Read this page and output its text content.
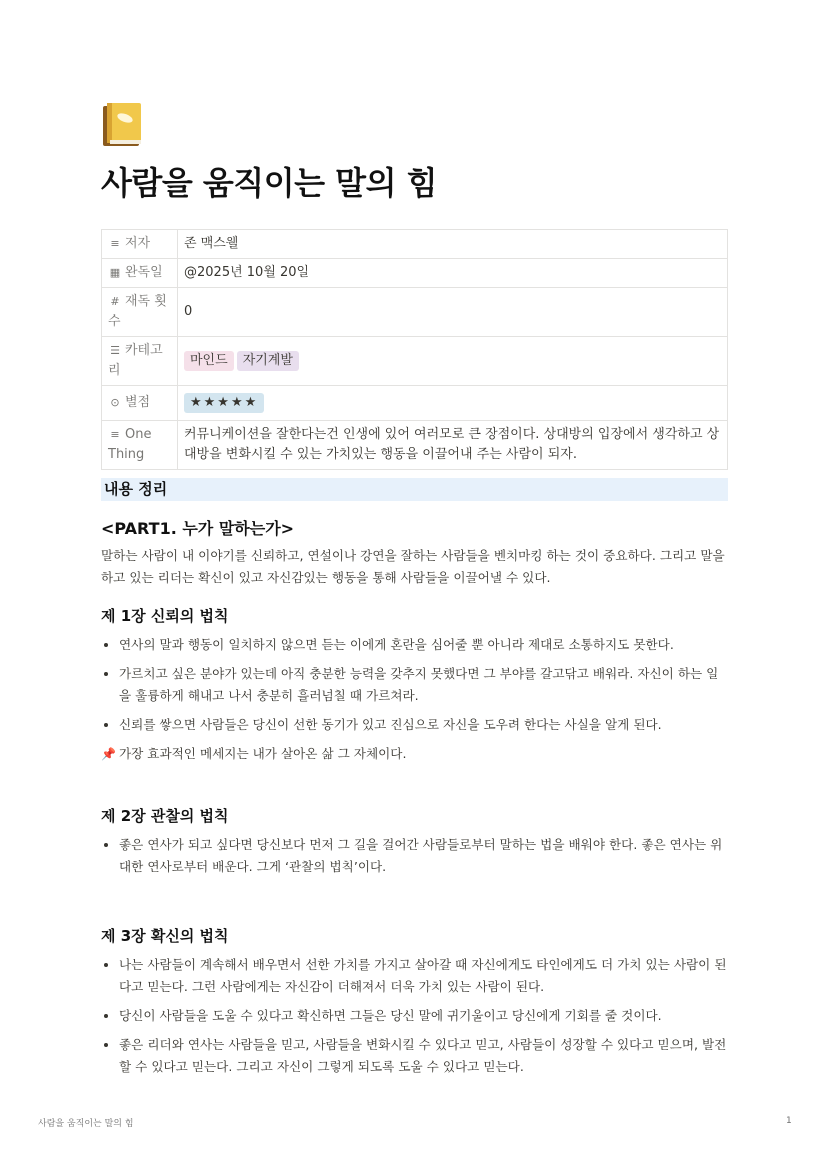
사람을 움직이는 말의 힘
≡ 저자	존 맥스웰
▦ 완독일	@2025년 10월 20일
# 재독 횟수	0
☰ 카테고리	마인드 자기계발
⊙ 별점	★★★★★
≡ One Thing	커뮤니케이션을 잘한다는건 인생에 있어 여러모로 큰 장점이다. 상대방의 입장에서 생각하고 상대방을 변화시킬 수 있는 가치있는 행동을 이끌어내 주는 사람이 되자.
내용 정리
<PART1. 누가 말하는가>

말하는 사람이 내 이야기를 신뢰하고, 연설이나 강연을 잘하는 사람들을 벤치마킹 하는 것이 중요하다. 그리고 말을 하고 있는 리더는 확신이 있고 자신감있는 행동을 통해 사람들을 이끌어낼 수 있다.

제 1장 신뢰의 법칙
• 연사의 말과 행동이 일치하지 않으면 듣는 이에게 혼란을 심어줄 뿐 아니라 제대로 소통하지도 못한다.
• 가르치고 싶은 분야가 있는데 아직 충분한 능력을 갖추지 못했다면 그 부야를 갈고닦고 배워라. 자신이 하는 일을 훌륭하게 해내고 나서 충분히 흘러넘칠 때 가르쳐라.
• 신뢰를 쌓으면 사람들은 당신이 선한 동기가 있고 진심으로 자신을 도우려 한다는 사실을 알게 된다.

📌 가장 효과적인 메세지는 내가 살아온 삶 그 자체이다.

제 2장 관찰의 법칙
• 좋은 연사가 되고 싶다면 당신보다 먼저 그 길을 걸어간 사람들로부터 말하는 법을 배워야 한다. 좋은 연사는 위대한 연사로부터 배운다. 그게 ‘관찰의 법칙’이다.
제 3장 확신의 법칙
• 나는 사람들이 계속해서 배우면서 선한 가치를 가지고 살아갈 때 자신에게도 타인에게도 더 가치 있는 사람이 된다고 믿는다. 그런 사람에게는 자신감이 더해져서 더욱 가치 있는 사람이 된다.
• 당신이 사람들을 도울 수 있다고 확신하면 그들은 당신 말에 귀기울이고 당신에게 기회를 줄 것이다.
• 좋은 리더와 연사는 사람들을 믿고, 사람들을 변화시킬 수 있다고 믿고, 사람들이 성장할 수 있다고 믿으며, 발전할 수 있다고 믿는다. 그리고 자신이 그렇게 되도록 도울 수 있다고 믿는다.
사람을 움직이는 말의 힘	1
